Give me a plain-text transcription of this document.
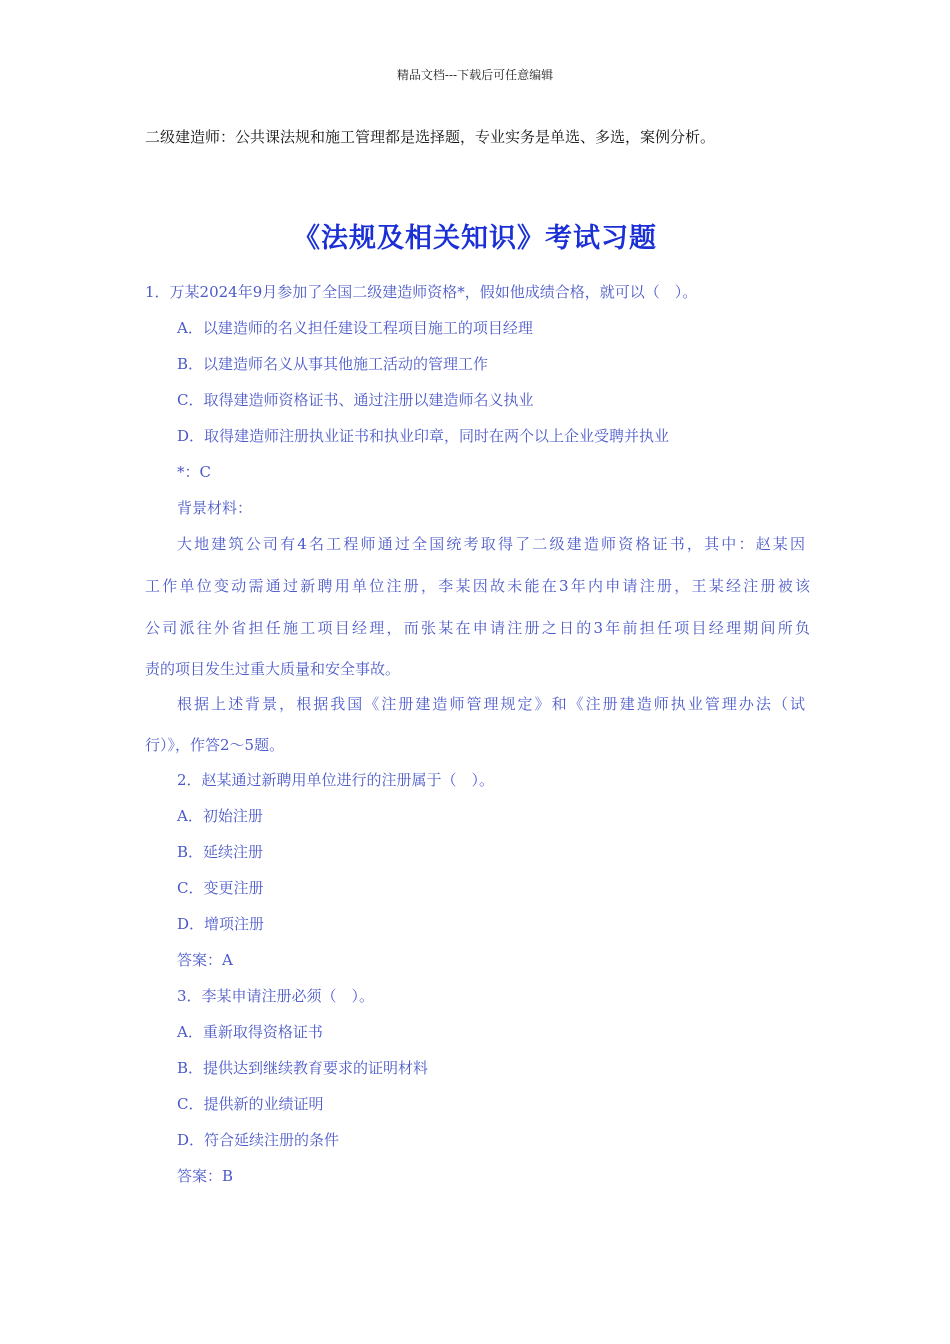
精品文档---下载后可任意编辑
二级建造师：公共课法规和施工管理都是选择题，专业实务是单选、多选，案例分析。
《法规及相关知识》考试习题
1．万某2024年9月参加了全国二级建造师资格*，假如他成绩合格，就可以（　）。
A．以建造师的名义担任建设工程项目施工的项目经理
B．以建造师名义从事其他施工活动的管理工作
C．取得建造师资格证书、通过注册以建造师名义执业
D．取得建造师注册执业证书和执业印章，同时在两个以上企业受聘并执业
*：C
背景材料：
大地建筑公司有4名工程师通过全国统考取得了二级建造师资格证书，其中：赵某因
工作单位变动需通过新聘用单位注册，李某因故未能在3年内申请注册，王某经注册被该
公司派往外省担任施工项目经理，而张某在申请注册之日的3年前担任项目经理期间所负
责的项目发生过重大质量和安全事故。
根据上述背景，根据我国《注册建造师管理规定》和《注册建造师执业管理办法（试
行）》，作答2～5题。
2．赵某通过新聘用单位进行的注册属于（　）。
A．初始注册
B．延续注册
C．变更注册
D．增项注册
答案：A
3．李某申请注册必须（　）。
A．重新取得资格证书
B．提供达到继续教育要求的证明材料
C．提供新的业绩证明
D．符合延续注册的条件
答案：B
